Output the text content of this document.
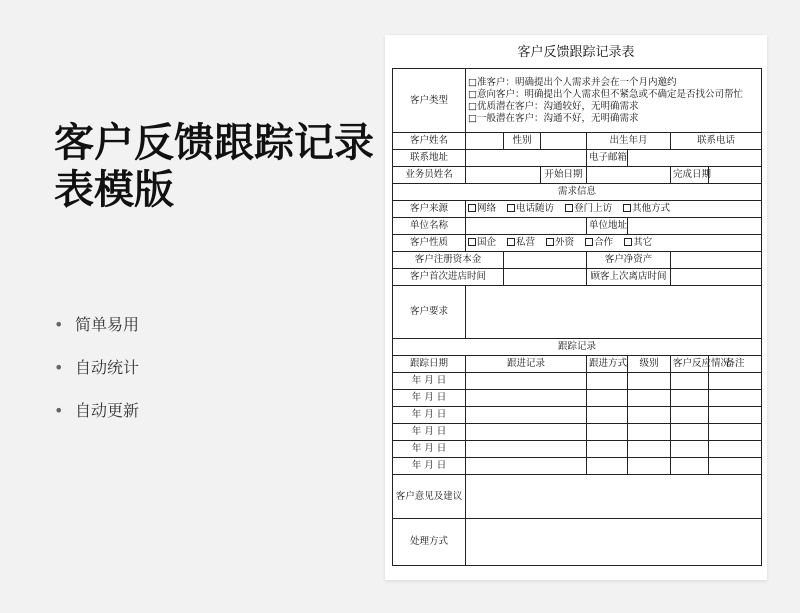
客户反馈跟踪记录表模版
• 简单易用
• 自动统计
• 自动更新
客户反馈跟踪记录表
客户类型	□准客户：明确提出个人需求并会在一个月内邀约
□意向客户：明确提出个人需求但不紧急或不确定是否找公司帮忙
□优质潜在客户：沟通较好，无明确需求
□一般潜在客户：沟通不好，无明确需求						

客户姓名		性别		出生年月		联系电话	
联系地址				电子邮箱			
业务员姓名			开始日期			完成日期	
需求信息							
客户来源	网络 电话随访 登门上访 其他方式						
单位名称				单位地址			
客户性质	国企 私营 外资 合作 其它						
客户注册资本金				客户净资产			
客户首次进店时间				顾客上次离店时间			
客户要求							
跟踪记录							
跟踪日期	跟进记录			跟进方式	级别	客户反应情况	备注
年 月 日							
年 月 日							
年 月 日							
年 月 日							
年 月 日							
年 月 日							
客户意见及建议							
处理方式							
